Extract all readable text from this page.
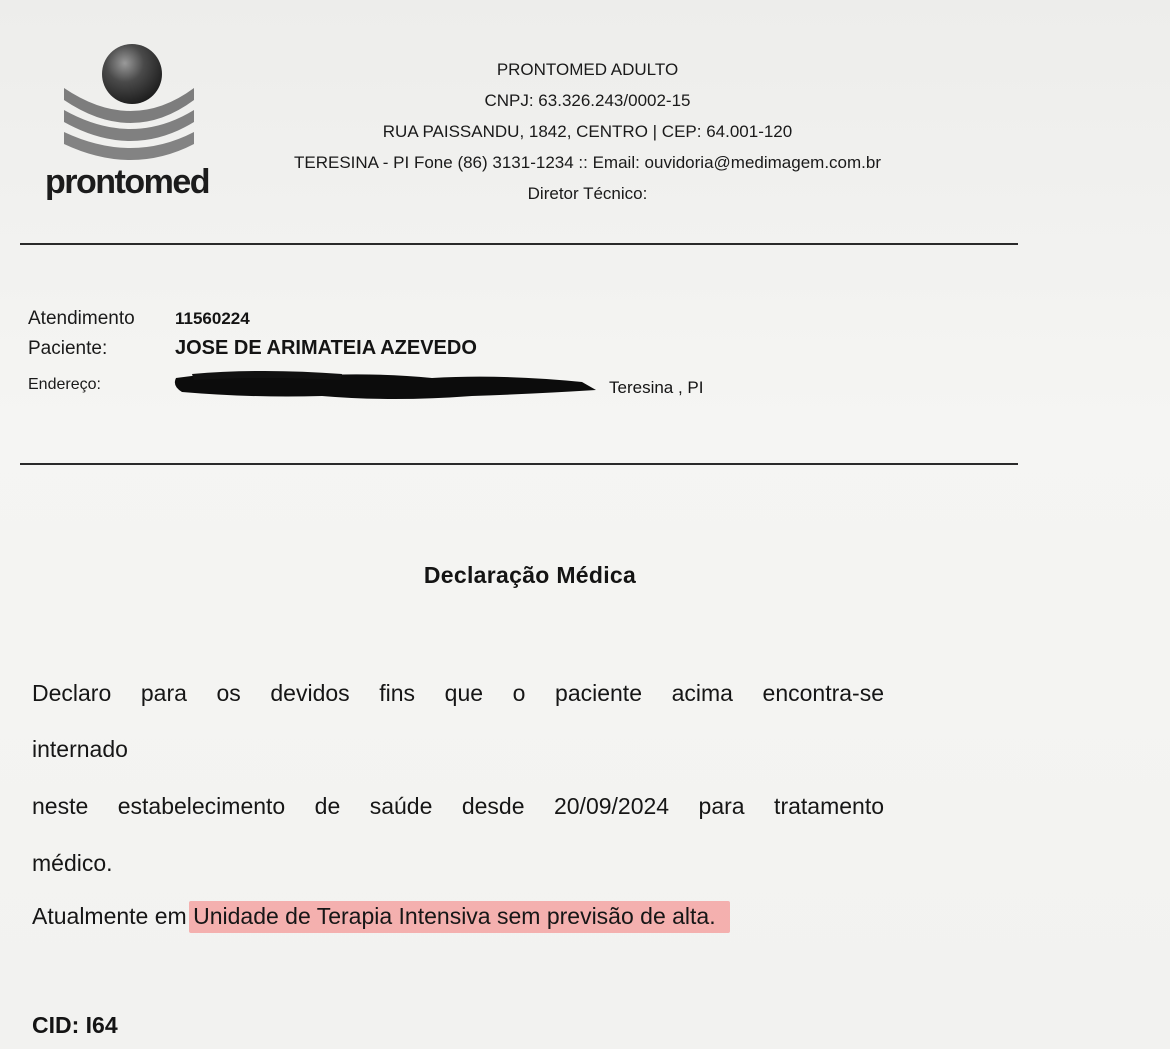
prontomed
PRONTOMED ADULTO
CNPJ: 63.326.243/0002-15
RUA PAISSANDU, 1842, CENTRO | CEP: 64.001-120
TERESINA - PI Fone (86) 3131-1234 :: Email: ouvidoria@medimagem.com.br
Diretor Técnico:
Atendimento 11560224
Paciente:	JOSE DE ARIMATEIA AZEVEDO
Endereço:	Teresina , PI
Declaração Médica
Declaro para os devidos fins que o paciente acima encontra-se
internado
neste estabelecimento de saúde desde 20/09/2024 para tratamento
médico.
Atualmente em Unidade de Terapia Intensiva sem previsão de alta.
CID: I64
